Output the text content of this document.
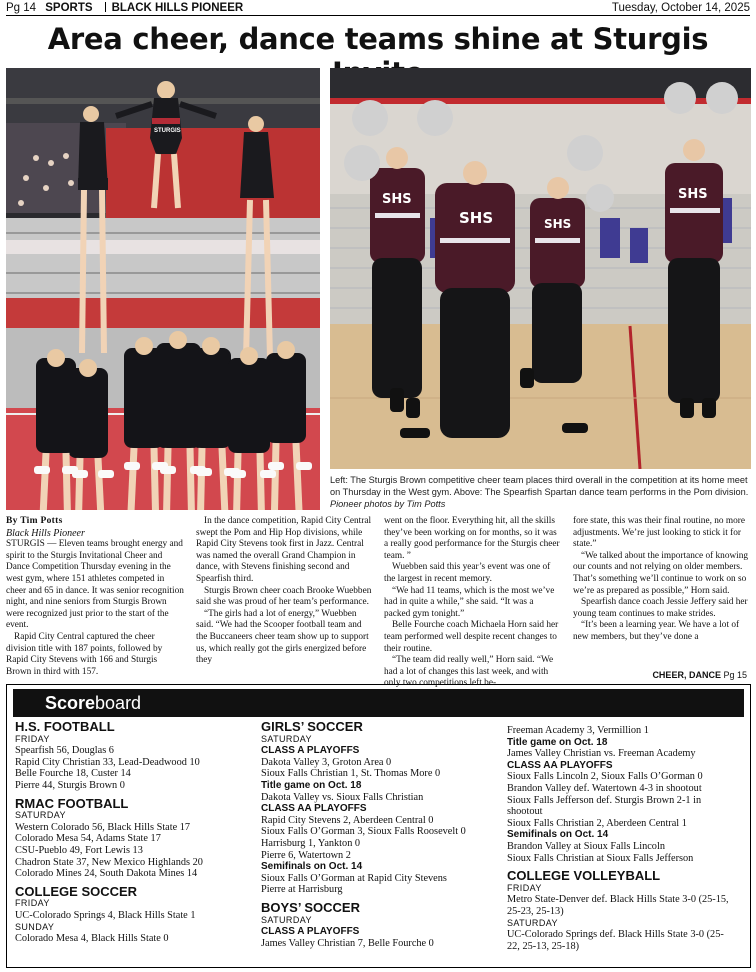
Pg 14 SPORTS BLACK HILLS PIONEER	Tuesday, October 14, 2025
Area cheer, dance teams shine at Sturgis
STURGIS
SHS
SHS	SHS
SHS
Left: The Sturgis Brown competitive cheer team places third overall in the competition at its home meet on Thursday in the West gym. Above: The Spearfish Spartan dance team performs in the Pom division. Pioneer photos by Tim Potts
By Tim Potts
Black Hills Pioneer

STURGIS — Eleven teams brought energy and spirit to the Sturgis Invitational Cheer and Dance Competition Thursday evening in the west gym, where 151 athletes competed in cheer and 65 in dance. It was senior recognition night, and nine seniors from Sturgis Brown were recognized just prior to the start of the event.

Rapid City Central captured the cheer division title with 187 points, followed by Rapid City Stevens with 166 and Sturgis Brown in third with 157.

In the dance competition, Rapid City Central swept the Pom and Hip Hop divisions, while Rapid City Stevens took first in Jazz. Central was named the overall Grand Champion in dance, with Stevens finishing second and Spearfish third.

Sturgis Brown cheer coach Brooke Wuebben said she was proud of her team’s performance.

“The girls had a lot of energy,” Wuebben said. “We had the Scooper football team and the Buccaneers cheer team show up to support us, which really got the girls energized before they

went on the floor. Everything hit, all the skills they’ve been working on for months, so it was a really good performance for the Sturgis cheer team. ”

Wuebben said this year’s event was one of the largest in recent memory.

“We had 11 teams, which is the most we’ve had in quite a while,” she said. “It was a packed gym tonight.”

Belle Fourche coach Michaela Horn said her team performed well despite recent changes to their routine.

“The team did really well,” Horn said. “We had a lot of changes this last week, and with only two competitions left be-

fore state, this was their final routine, no more adjustments. We’re just looking to stick it for state.”

“We talked about the importance of knowing our counts and not relying on older members. That’s something we’ll continue to work on so we’re as prepared as possible,” Horn said.

Spearfish dance coach Jessie Jeffery said her young team continues to make strides.

“It’s been a learning year. We have a lot of new members, but they’ve done a

CHEER, DANCE Pg 15
Score board
H.S. FOOTBALL
FRIDAY
Spearfish 56, Douglas 6
Rapid City Christian 33, Lead-Deadwood 10
Belle Fourche 18, Custer 14
Pierre 44, Sturgis Brown 0
RMAC FOOTBALL
SATURDAY
Western Colorado 56, Black Hills State 17
Colorado Mesa 54, Adams State 17
CSU-Pueblo 49, Fort Lewis 13
Chadron State 37, New Mexico Highlands 20
Colorado Mines 24, South Dakota Mines 14
COLLEGE SOCCER
FRIDAY
UC-Colorado Springs 4, Black Hills State 1
SUNDAY
Colorado Mesa 4, Black Hills State 0
GIRLS’ SOCCER
SATURDAY
CLASS A PLAYOFFS
Dakota Valley 3, Groton Area 0
Sioux Falls Christian 1, St. Thomas More 0
Title game on Oct. 18
Dakota Valley vs. Sioux Falls Christian
CLASS AA PLAYOFFS
Rapid City Stevens 2, Aberdeen Central 0
Sioux Falls O’Gorman 3, Sioux Falls Roosevelt 0
Harrisburg 1, Yankton 0
Pierre 6, Watertown 2
Semifinals on Oct. 14
Sioux Falls O’Gorman at Rapid City Stevens
Pierre at Harrisburg
BOYS’ SOCCER
SATURDAY
CLASS A PLAYOFFS
James Valley Christian 7, Belle Fourche 0
Freeman Academy 3, Vermillion 1
Title game on Oct. 18
James Valley Christian vs. Freeman Academy
CLASS AA PLAYOFFS
Sioux Falls Lincoln 2, Sioux Falls O’Gorman 0
Brandon Valley def. Watertown 4-3 in shootout
Sioux Falls Jefferson def. Sturgis Brown 2-1 in
shootout
Sioux Falls Christian 2, Aberdeen Central 1
Semifinals on Oct. 14
Brandon Valley at Sioux Falls Lincoln
Sioux Falls Christian at Sioux Falls Jefferson
COLLEGE VOLLEYBALL
FRIDAY
Metro State-Denver def. Black Hills State 3-0 (25-15,
25-23, 25-13)
SATURDAY
UC-Colorado Springs def. Black Hills State 3-0 (25-
22, 25-13, 25-18)
